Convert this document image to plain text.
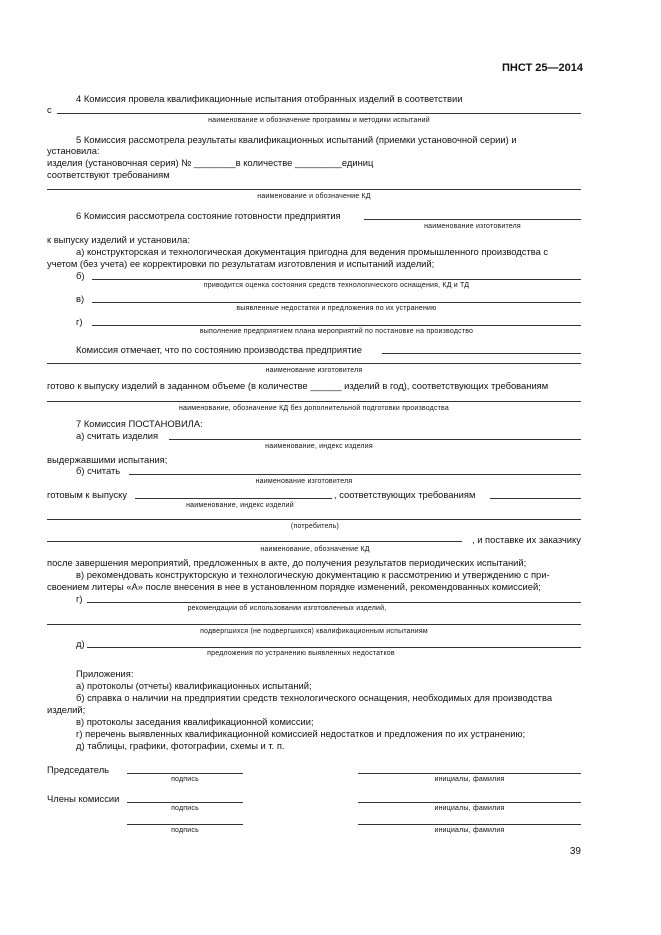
ПНСТ 25—2014
4 Комиссия провела квалификационные испытания отобранных изделий в соответствии
с
наименование и обозначение программы и методики испытаний
5 Комиссия рассмотрела результаты квалификационных испытаний (приемки установочной серии) и
установила:
изделия (установочная серия) № ________в количестве _________единиц
соответствуют требованиям
наименование и обозначение КД
6 Комиссия рассмотрела состояние готовности предприятия
наименование изготовителя
к выпуску изделий и установила:
а) конструкторская и технологическая документация пригодна для ведения промышленного производства с
учетом (без учета) ее корректировки по результатам изготовления и испытаний изделий;
б)
приводится оценка состояния средств технологического оснащения, КД и ТД
в)
выявленные недостатки и предложения по их устранению
г)
выполнение предприятием плана мероприятий по постановке на производство
Комиссия отмечает, что по состоянию производства предприятие
наименование изготовителя
готово к выпуску изделий в заданном объеме (в количестве ______ изделий в год), соответствующих требованиям
наименование, обозначение КД без дополнительной подготовки производства
7 Комиссия ПОСТАНОВИЛА:
а) считать изделия
наименование, индекс изделия
выдержавшими испытания;
б) считать
наименование изготовителя
готовым к выпуску	, соответствующих требованиям
наименование, индекс изделий
(потребитель)
, и поставке их заказчику
наименование, обозначение КД
после завершения мероприятий, предложенных в акте, до получения результатов периодических испытаний;
в) рекомендовать конструкторскую и технологическую документацию к рассмотрению и утверждению с при-
своением литеры «А» после внесения в нее в установленном порядке изменений, рекомендованных комиссией;
г)
рекомендации об использовании изготовленных изделий,
подвергшихся (не подвергшихся) квалификационным испытаниям
д)
предложения по устранению выявленных недостатков
Приложения:
а) протоколы (отчеты) квалификационных испытаний;
б) справка о наличии на предприятии средств технологического оснащения, необходимых для производства
изделий;
в) протоколы заседания квалификационной комиссии;
г) перечень выявленных квалификационной комиссией недостатков и предложения по их устранению;
д) таблицы, графики, фотографии, схемы и т. п.
Председатель
подпись	инициалы, фамилия
Члены комиссии
подпись	инициалы, фамилия
подпись	инициалы, фамилия
39
